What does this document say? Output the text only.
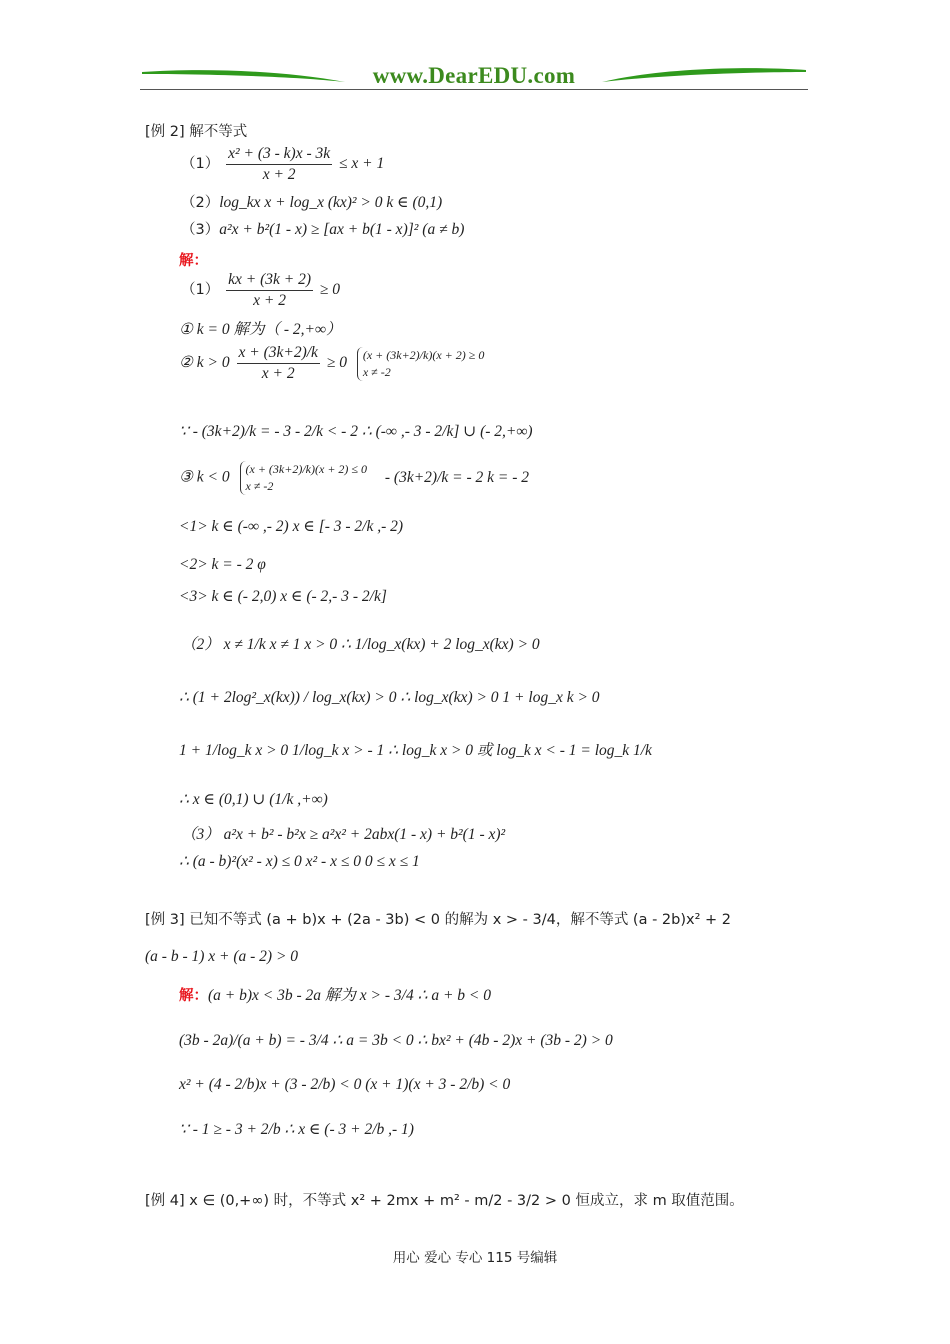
www.DearEDU.com
[例 2] 解不等式
$(1) \frac{\text{x² + (3 - k)x - 3k}}{x + 2} \le x + 1$
（2）log_kx x + log_x (kx)² > 0 k ∈ (0,1)
（3）a²x + b²(1 - x) ≥ [ax + b(1 - x)]² (a ≠ b)
解：
$(1) \frac{kx + (3k + 2)}{x + 2} \ge 0$
① k = 0 解为（ - 2,+∞）
② $k > 0 \frac{x + (3k+2)/k}{x + 2} \ge 0$ (x + (3k+2)/k)(x + 2) ≥ 0
x ≠ -2
∵ - (3k+2)/k = - 3 - 2/k < - 2 ∴ (-∞ ,- 3 - 2/k] ∪ (- 2,+∞)
③ k < 0 (x + (3k+2)/k)(x + 2) ≤ 0
x ≠ -2
- (3k+2)/k = - 2 k = - 2
<1> k ∈ (-∞ ,- 2) x ∈ [- 3 - 2/k ,- 2)
<2> k = - 2 φ
<3> k ∈ (- 2,0) x ∈ (- 2,- 3 - 2/k]
（2） x ≠ 1/k x ≠ 1 x > 0 ∴ 1/log_x(kx) + 2 log_x(kx) > 0
∴ (1 + 2log²_x(kx)) / log_x(kx) > 0 ∴ log_x(kx) > 0 1 + log_x k > 0
1 + 1/log_k x > 0 1/log_k x > - 1 ∴ log_k x > 0 或 log_k x < - 1 = log_k 1/k
∴ x ∈ (0,1) ∪ (1/k ,+∞)
（3） a²x + b² - b²x ≥ a²x² + 2abx(1 - x) + b²(1 - x)²
∴ (a - b)²(x² - x) ≤ 0 x² - x ≤ 0 0 ≤ x ≤ 1
[例 3] 已知不等式 (a + b)x + (2a - 3b) < 0 的解为 x > - 3/4，解不等式 (a - 2b)x² + 2
(a - b - 1) x + (a - 2) > 0
解：(a + b)x < 3b - 2a 解为 x > - 3/4 ∴ a + b < 0
(3b - 2a)/(a + b) = - 3/4 ∴ a = 3b < 0 ∴ bx² + (4b - 2)x + (3b - 2) > 0
x² + (4 - 2/b)x + (3 - 2/b) < 0 (x + 1)(x + 3 - 2/b) < 0
∵ - 1 ≥ - 3 + 2/b ∴ x ∈ (- 3 + 2/b ,- 1)
[例 4] x ∈ (0,+∞) 时，不等式 x² + 2mx + m² - m/2 - 3/2 > 0 恒成立，求 m 取值范围。
用心 爱心 专心 115 号编辑
